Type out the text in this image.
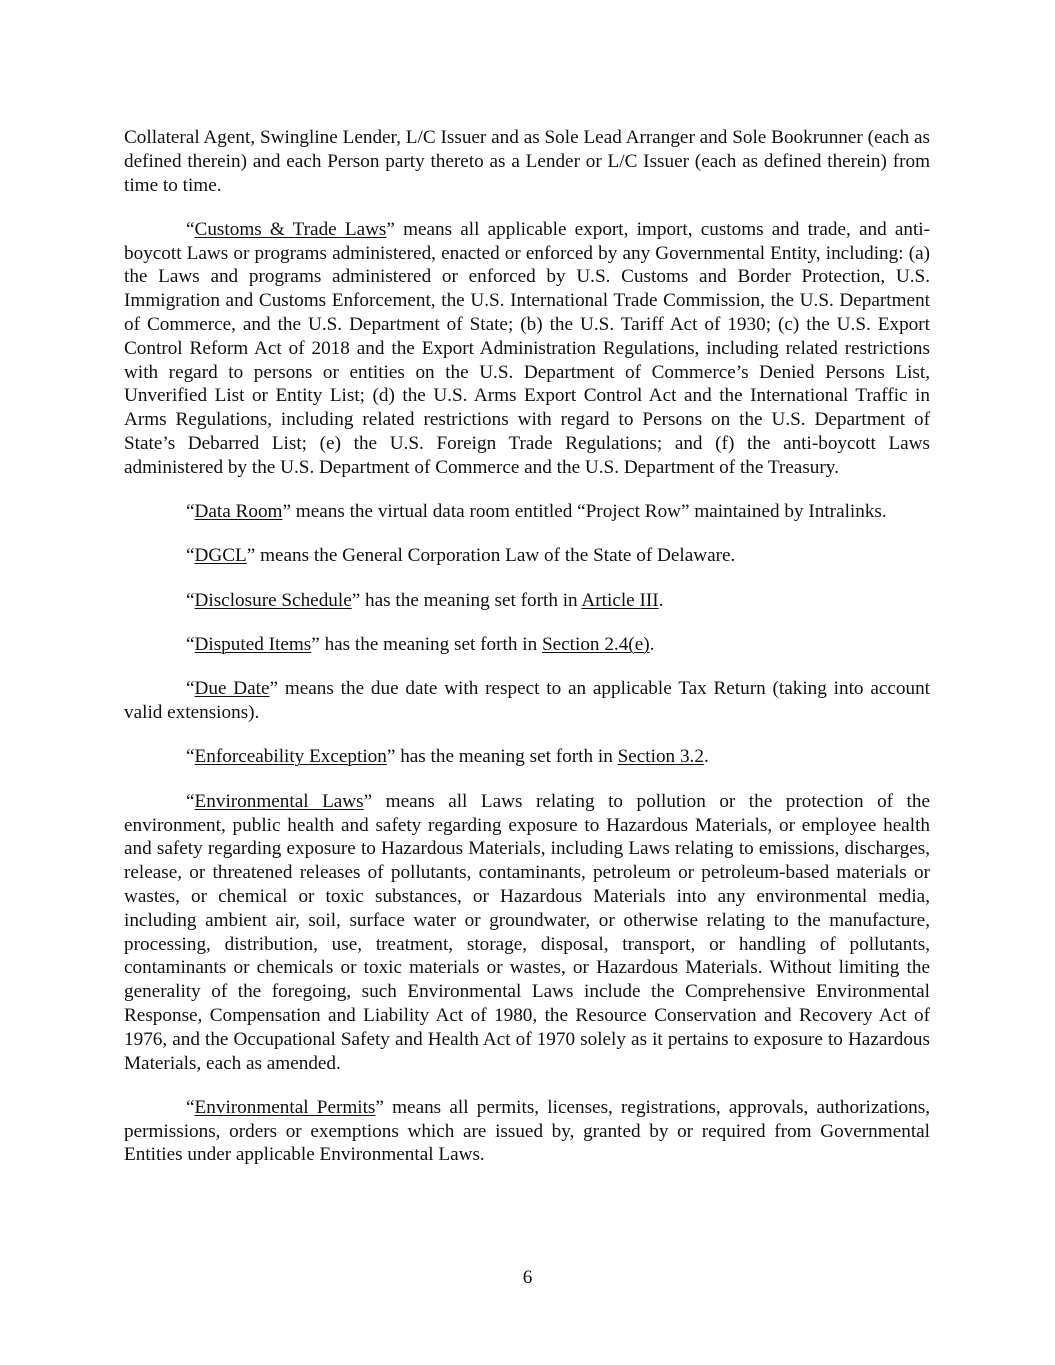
Collateral Agent, Swingline Lender, L/C Issuer and as Sole Lead Arranger and Sole Bookrunner (each as defined therein) and each Person party thereto as a Lender or L/C Issuer (each as defined therein) from time to time.

“Customs & Trade Laws” means all applicable export, import, customs and trade, and anti-boycott Laws or programs administered, enacted or enforced by any Governmental Entity, including: (a) the Laws and programs administered or enforced by U.S. Customs and Border Protection, U.S. Immigration and Customs Enforcement, the U.S. International Trade Commission, the U.S. Department of Commerce, and the U.S. Department of State; (b) the U.S. Tariff Act of 1930; (c) the U.S. Export Control Reform Act of 2018 and the Export Administration Regulations, including related restrictions with regard to persons or entities on the U.S. Department of Commerce’s Denied Persons List, Unverified List or Entity List; (d) the U.S. Arms Export Control Act and the International Traffic in Arms Regulations, including related restrictions with regard to Persons on the U.S. Department of State’s Debarred List; (e) the U.S. Foreign Trade Regulations; and (f) the anti-boycott Laws administered by the U.S. Department of Commerce and the U.S. Department of the Treasury.

“Data Room” means the virtual data room entitled “Project Row” maintained by Intralinks.

“DGCL” means the General Corporation Law of the State of Delaware.

“Disclosure Schedule” has the meaning set forth in Article III.

“Disputed Items” has the meaning set forth in Section 2.4(e).

“Due Date” means the due date with respect to an applicable Tax Return (taking into account valid extensions).

“Enforceability Exception” has the meaning set forth in Section 3.2.

“Environmental Laws” means all Laws relating to pollution or the protection of the environment, public health and safety regarding exposure to Hazardous Materials, or employee health and safety regarding exposure to Hazardous Materials, including Laws relating to emissions, discharges, release, or threatened releases of pollutants, contaminants, petroleum or petroleum-based materials or wastes, or chemical or toxic substances, or Hazardous Materials into any environmental media, including ambient air, soil, surface water or groundwater, or otherwise relating to the manufacture, processing, distribution, use, treatment, storage, disposal, transport, or handling of pollutants, contaminants or chemicals or toxic materials or wastes, or Hazardous Materials. Without limiting the generality of the foregoing, such Environmental Laws include the Comprehensive Environmental Response, Compensation and Liability Act of 1980, the Resource Conservation and Recovery Act of 1976, and the Occupational Safety and Health Act of 1970 solely as it pertains to exposure to Hazardous Materials, each as amended.

“Environmental Permits” means all permits, licenses, registrations, approvals, authorizations, permissions, orders or exemptions which are issued by, granted by or required from Governmental Entities under applicable Environmental Laws.

6
